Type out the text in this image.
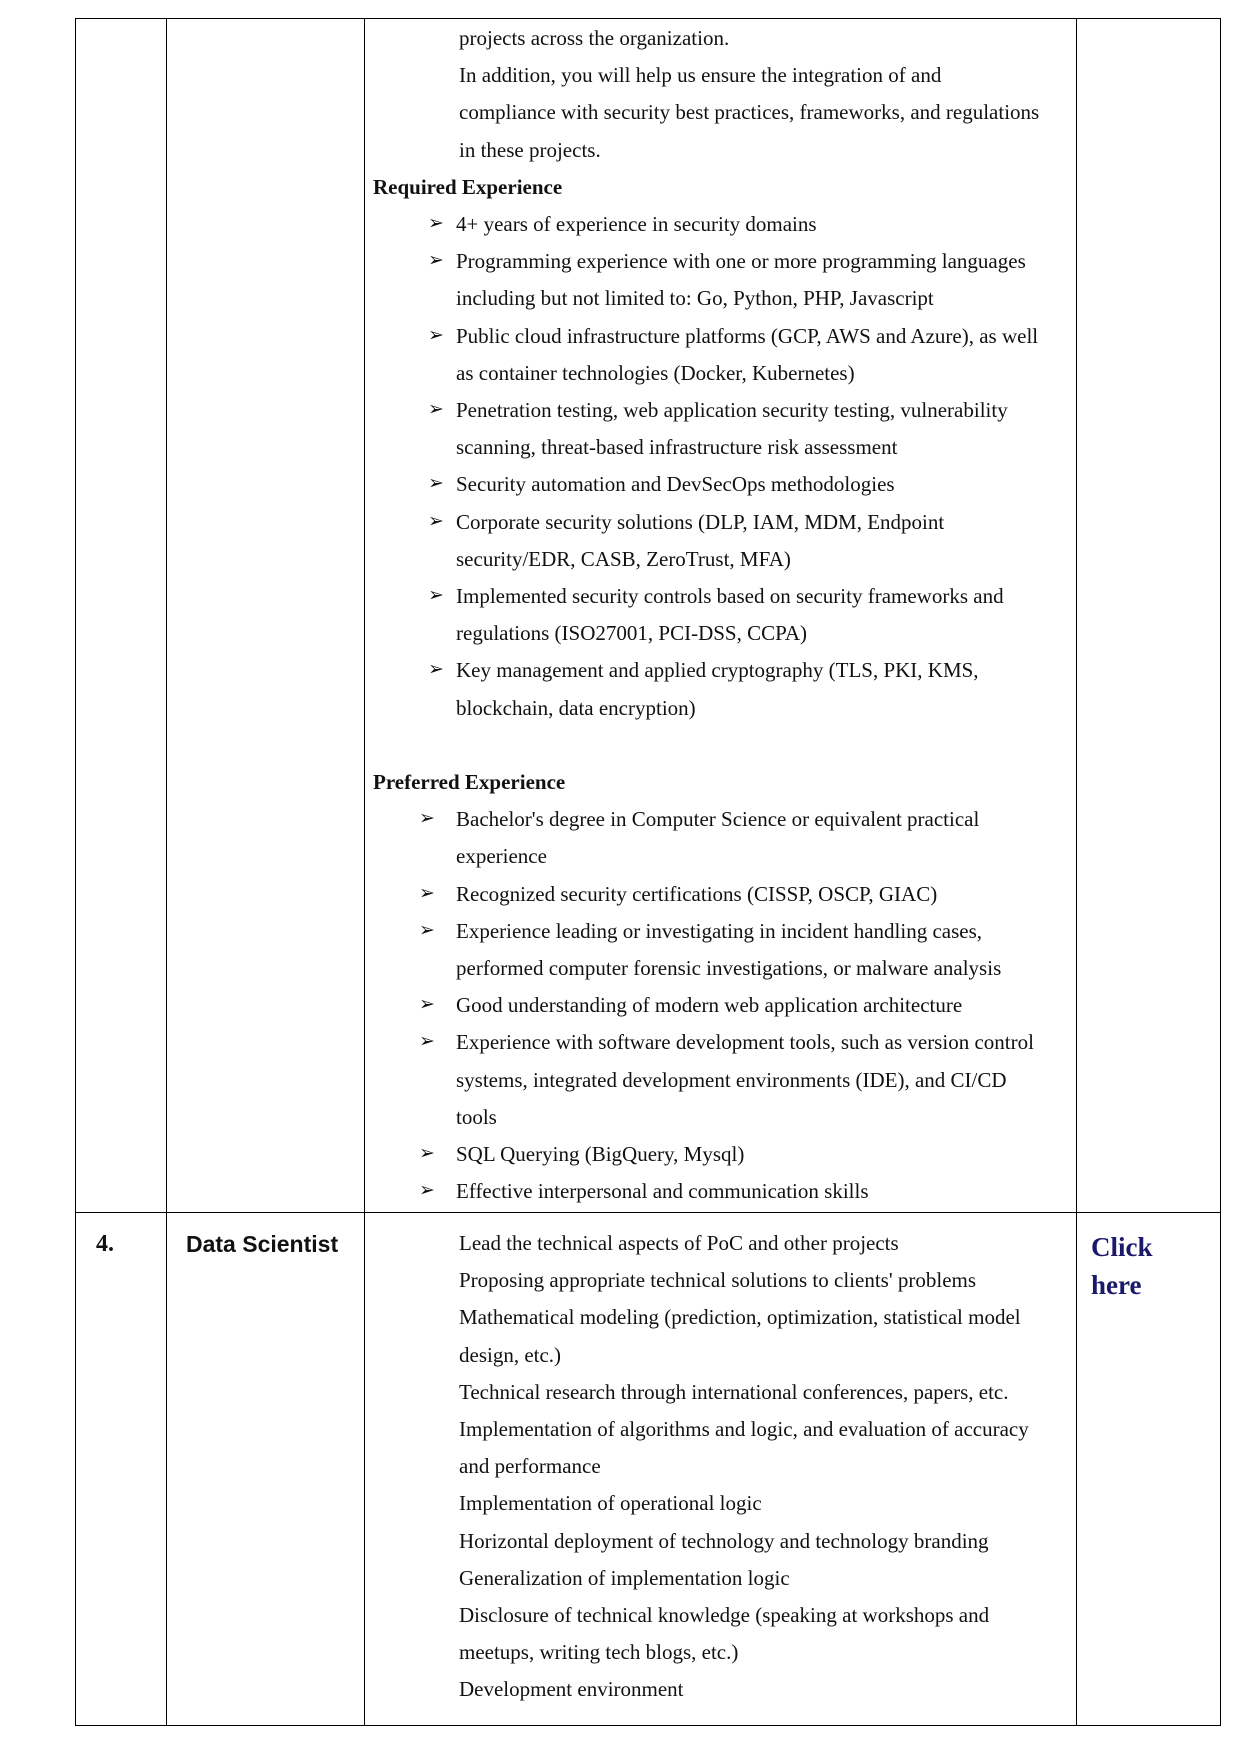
projects across the organization.
In addition, you will help us ensure the integration of and
compliance with security best practices, frameworks, and regulations
in these projects.
Required Experience
➢ 4+ years of experience in security domains
➢ Programming experience with one or more programming languages
including but not limited to: Go, Python, PHP, Javascript
➢ Public cloud infrastructure platforms (GCP, AWS and Azure), as well
as container technologies (Docker, Kubernetes)
➢ Penetration testing, web application security testing, vulnerability
scanning, threat-based infrastructure risk assessment
➢ Security automation and DevSecOps methodologies
➢ Corporate security solutions (DLP, IAM, MDM, Endpoint
security/EDR, CASB, ZeroTrust, MFA)
➢ Implemented security controls based on security frameworks and
regulations (ISO27001, PCI-DSS, CCPA)
➢ Key management and applied cryptography (TLS, PKI, KMS,
blockchain, data encryption)
Preferred Experience
➢ Bachelor's degree in Computer Science or equivalent practical
experience
➢ Recognized security certifications (CISSP, OSCP, GIAC)
➢ Experience leading or investigating in incident handling cases,
performed computer forensic investigations, or malware analysis
➢ Good understanding of modern web application architecture
➢ Experience with software development tools, such as version control
systems, integrated development environments (IDE), and CI/CD
tools
➢ SQL Querying (BigQuery, Mysql)
➢ Effective interpersonal and communication skills
4.	Data Scientist	Lead the technical aspects of PoC and other projects
Proposing appropriate technical solutions to clients' problems
Mathematical modeling (prediction, optimization, statistical model
design, etc.)
Technical research through international conferences, papers, etc.
Implementation of algorithms and logic, and evaluation of accuracy
and performance
Implementation of operational logic
Horizontal deployment of technology and technology branding
Generalization of implementation logic
Disclosure of technical knowledge (speaking at workshops and
meetups, writing tech blogs, etc.)
Development environment
Click
here
